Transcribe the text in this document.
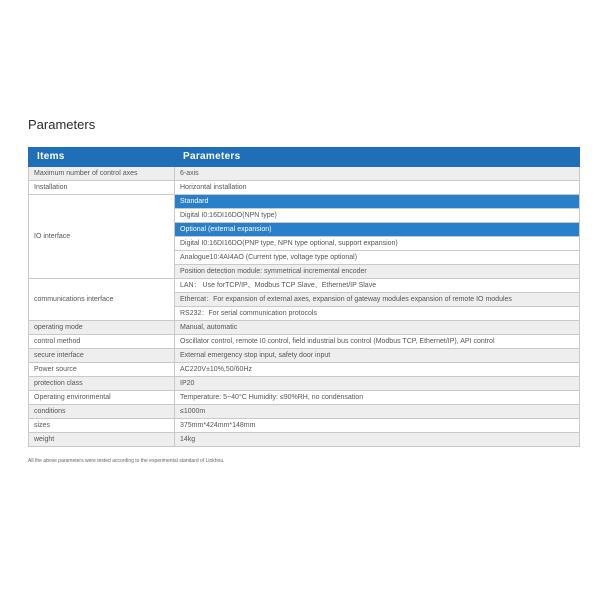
Parameters
Items	Parameters
Maximum number of control axes	6-axis
Installation	Horizontal installation
IO interface	Standard
	Digital I0:16DI16DO(NPN type)
	Optional (external expansion)
	Digital I0:16DI16DO(PNP type, NPN type optional, support expansion)
	Analogue10:4AI4AO (Current type, voltage type optional)
	Position detection module: symmetrical incremental encoder
communications interface	LAN： Use forTCP/IP、Modbus TCP Slave、Ethernet/IP Slave
	Ethercat：For expansion of external axes, expansion of gateway modules expansion of remote IO modules
	RS232：For serial communication protocols
operating mode	Manual, automatic
control method	Oscillator control, remote I0 control, field industrial bus control (Modbus TCP, Ethernet/IP), API control
secure interface	External emergency stop input, safety door input
Power source	AC220V±10%,50/60Hz
protection class	IP20
Operating environmental	Temperature: 5~40°C Humidity: ≤90%RH, no condensation
conditions	≤1000m
sizes	375mm*424mm*148mm
weight	14kg
All the above parameters were tested according to the experimental standard of Linkhou.
